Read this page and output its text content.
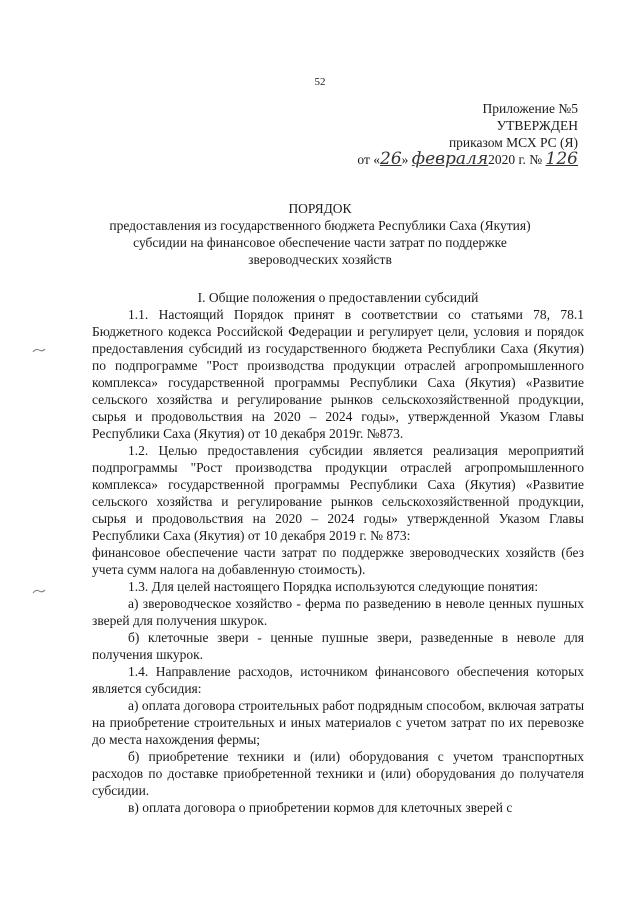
52
Приложение №5
УТВЕРЖДЕН
приказом МСХ РС (Я)
от «26» февраля2020 г. № 126
ПОРЯДОК
предоставления из государственного бюджета Республики Саха (Якутия)
субсидии на финансовое обеспечение части затрат по поддержке
звероводческих хозяйств

I. Общие положения о предоставлении субсидий

1.1. Настоящий Порядок принят в соответствии со статьями 78, 78.1 Бюджетного кодекса Российской Федерации и регулирует цели, условия и порядок предоставления субсидий из государственного бюджета Республики Саха (Якутия) по подпрограмме "Рост производства продукции отраслей агропромышленного комплекса» государственной программы Республики Саха (Якутия) «Развитие сельского хозяйства и регулирование рынков сельскохозяйственной продукции, сырья и продовольствия на 2020 – 2024 годы», утвержденной Указом Главы Республики Саха (Якутия) от 10 декабря 2019г. №873.

1.2. Целью предоставления субсидии является реализация мероприятий подпрограммы "Рост производства продукции отраслей агропромышленного комплекса» государственной программы Республики Саха (Якутия) «Развитие сельского хозяйства и регулирование рынков сельскохозяйственной продукции, сырья и продовольствия на 2020 – 2024 годы» утвержденной Указом Главы Республики Саха (Якутия) от 10 декабря 2019 г. № 873:

финансовое обеспечение части затрат по поддержке звероводческих хозяйств (без учета сумм налога на добавленную стоимость).

1.3. Для целей настоящего Порядка используются следующие понятия:

а) звероводческое хозяйство - ферма по разведению в неволе ценных пушных зверей для получения шкурок.

б) клеточные звери - ценные пушные звери, разведенные в неволе для получения шкурок.

1.4. Направление расходов, источником финансового обеспечения которых является субсидия:

а) оплата договора строительных работ подрядным способом, включая затраты на приобретение строительных и иных материалов с учетом затрат по их перевозке до места нахождения фермы;

б) приобретение техники и (или) оборудования с учетом транспортных расходов по доставке приобретенной техники и (или) оборудования до получателя субсидии.

в) оплата договора о приобретении кормов для клеточных зверей с
